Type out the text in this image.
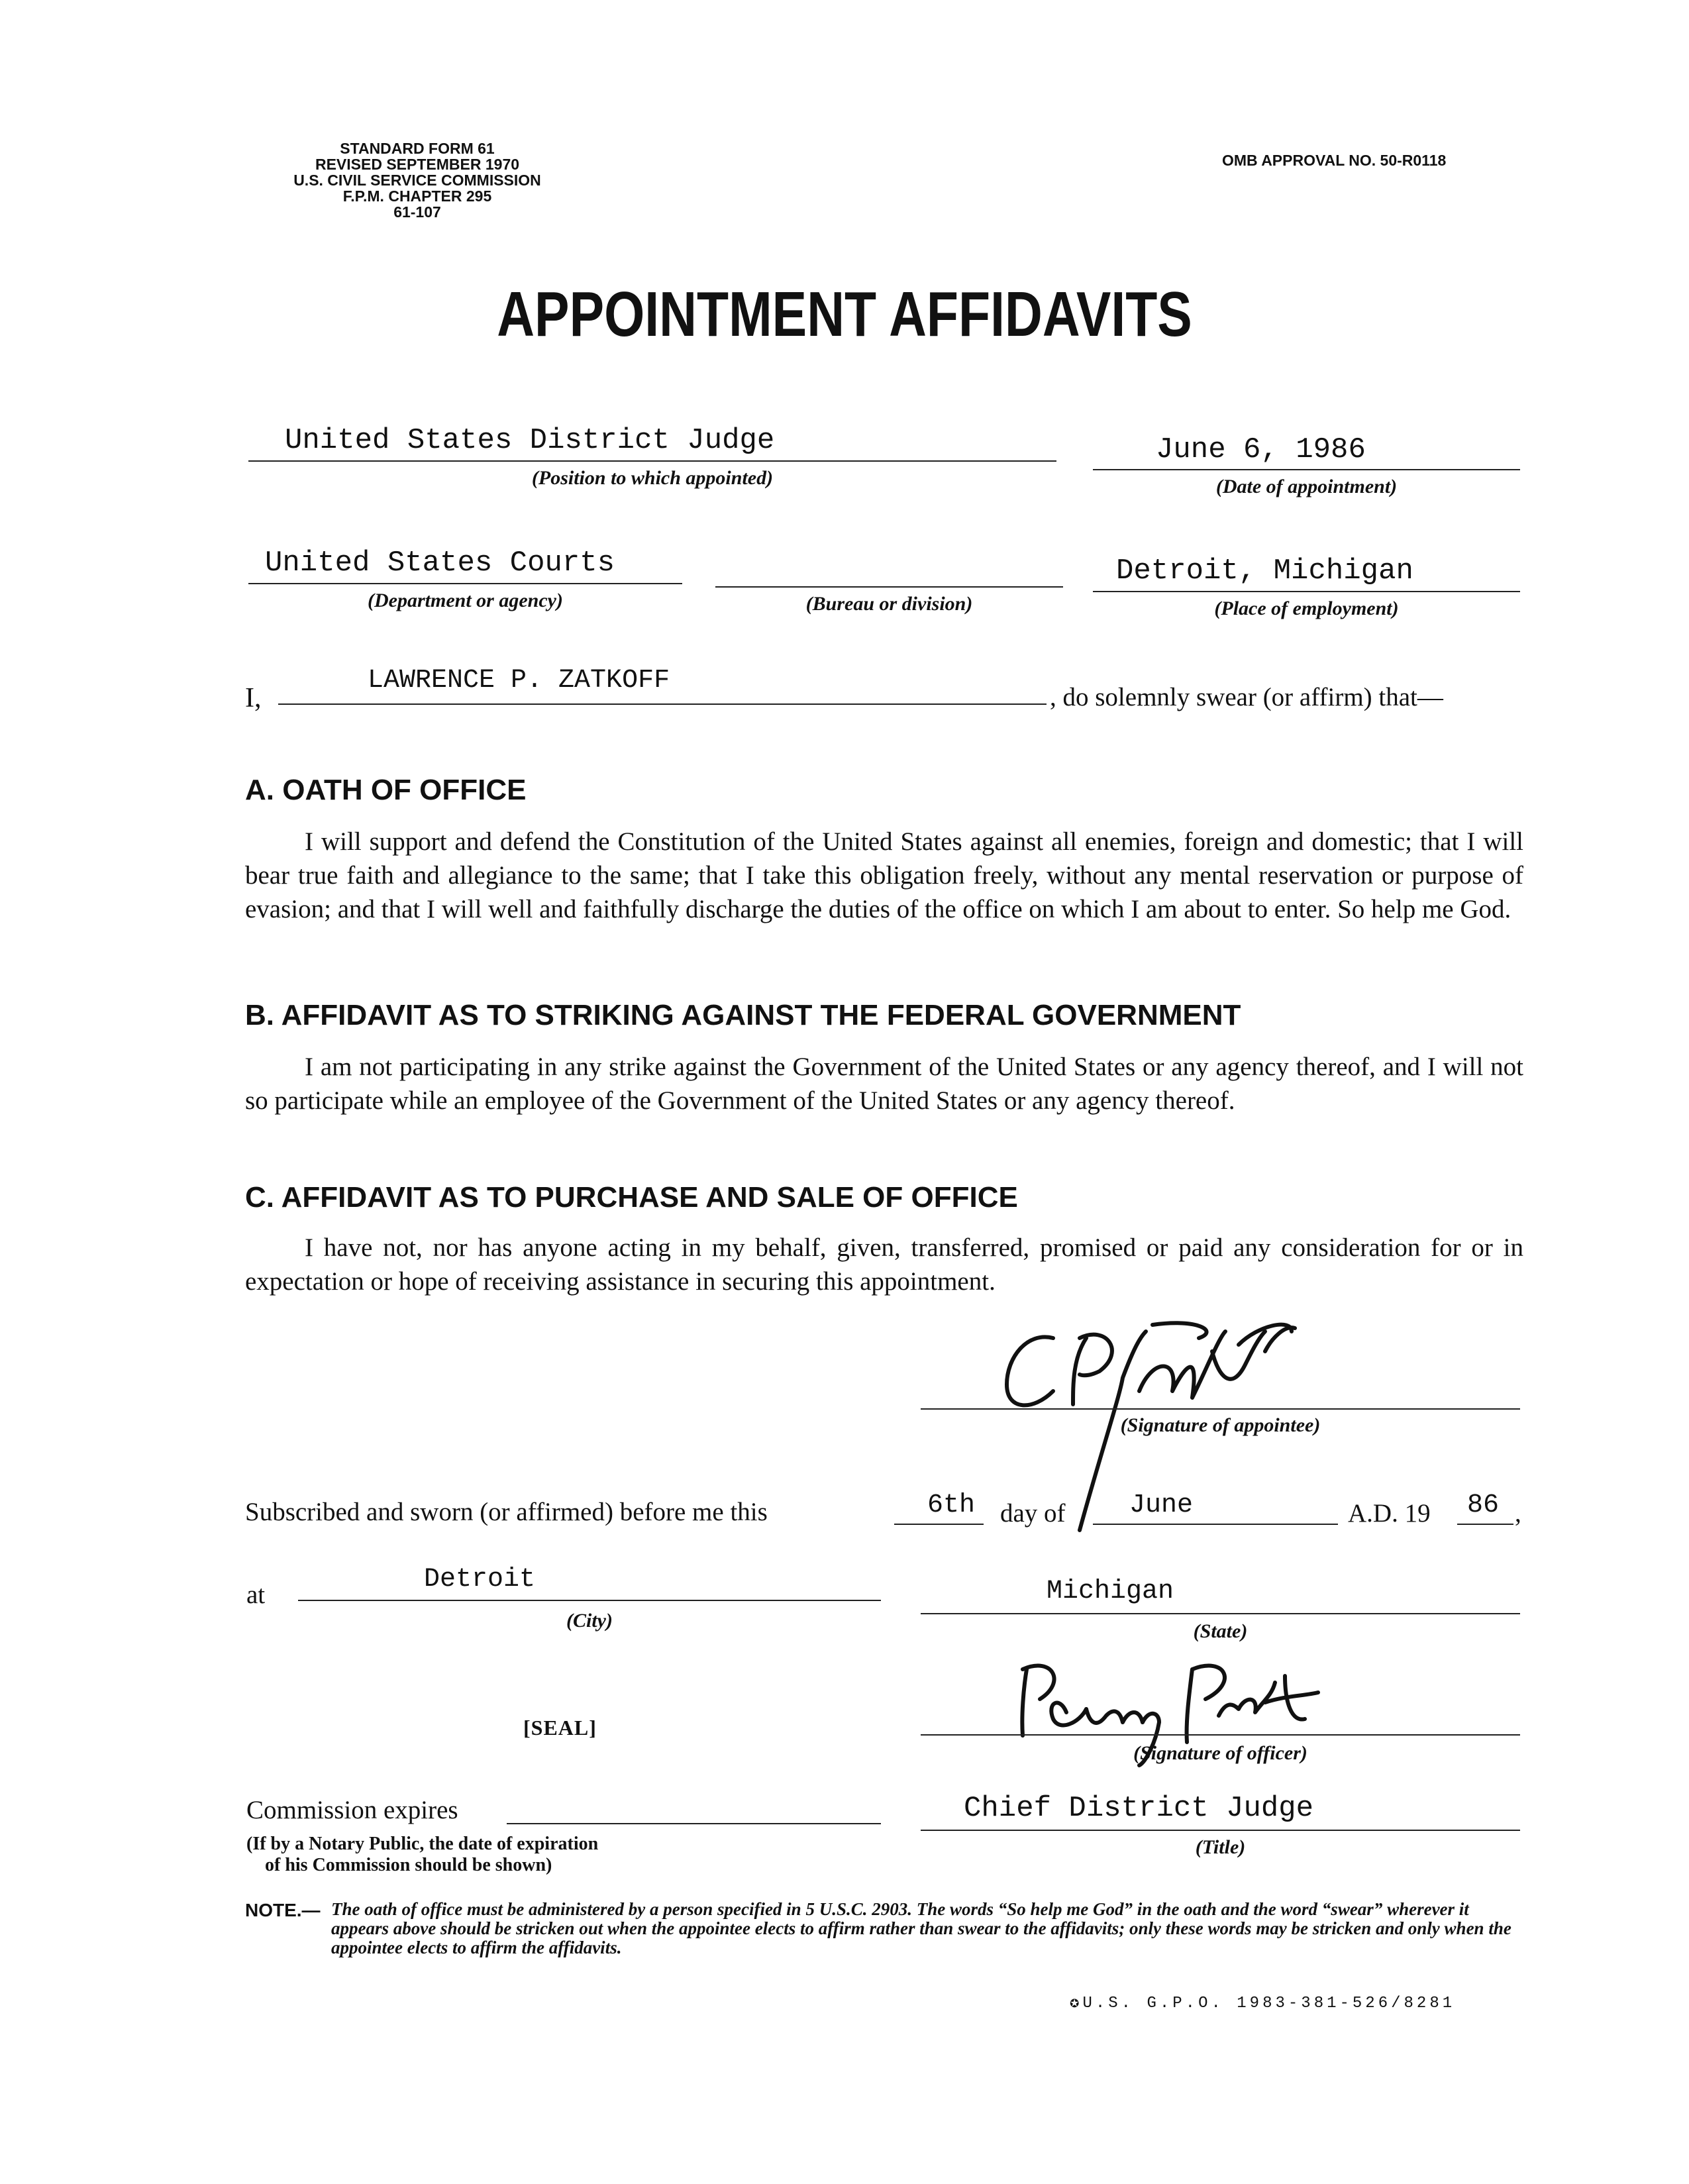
STANDARD FORM 61
REVISED SEPTEMBER 1970
U.S. CIVIL SERVICE COMMISSION
F.P.M. CHAPTER 295
61-107
OMB APPROVAL NO. 50-R0118
APPOINTMENT AFFIDAVITS
United States District Judge
(Position to which appointed)
June 6, 1986
(Date of appointment)
United States Courts
(Department or agency)	(Bureau or division)
Detroit, Michigan
(Place of employment)
I,
LAWRENCE P. ZATKOFF
, do solemnly swear (or affirm) that—
A. OATH OF OFFICE
I will support and defend the Constitution of the United States against all enemies, foreign and domestic; that I will bear true faith and allegiance to the same; that I take this obligation freely, without any mental reservation or purpose of evasion; and that I will well and faithfully discharge the duties of the office on which I am about to enter. So help me God.
B. AFFIDAVIT AS TO STRIKING AGAINST THE FEDERAL GOVERNMENT
I am not participating in any strike against the Government of the United States or any agency thereof, and I will not so participate while an employee of the Government of the United States or any agency thereof.
C. AFFIDAVIT AS TO PURCHASE AND SALE OF OFFICE
I have not, nor has anyone acting in my behalf, given, transferred, promised or paid any consideration for or in expectation or hope of receiving assistance in securing this appointment.
(Signature of appointee)
Subscribed and sworn (or affirmed) before me this	6th day of June	A.D. 19 86 ,
at
Detroit
(City)
Michigan
(State)
[SEAL]
(Signature of officer)
Commission expires
(If by a Notary Public, the date of expiration
of his Commission should be shown)
Chief District Judge
(Title)
NOTE.— The oath of office must be administered by a person specified in 5 U.S.C. 2903. The words “So help me God” in the oath and the word “swear” wherever it appears above should be stricken out when the appointee elects to affirm rather than swear to the affidavits; only these words may be stricken and only when the appointee elects to affirm the affidavits.
✪U.S. G.P.O. 1983-381-526/8281
